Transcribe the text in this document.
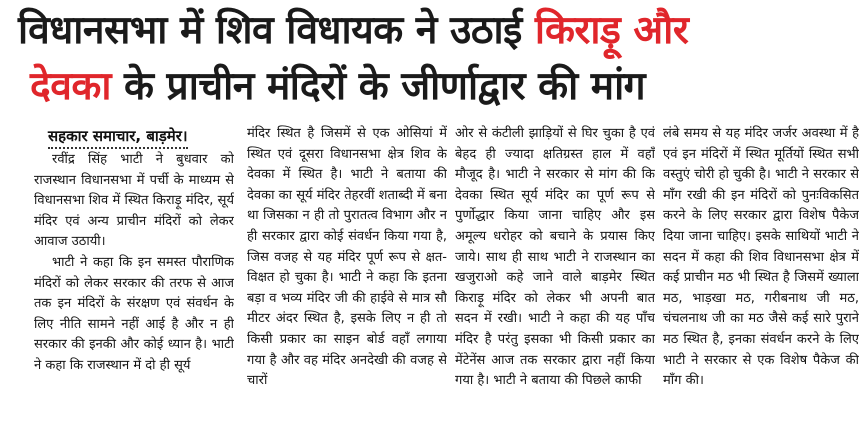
विधानसभा में शिव विधायक ने उठाई किराड़ू और
देवका के प्राचीन मंदिरों के जीर्णाद्वार की मांग
सहकार समाचार, बाड़मेर।

रवींद्र सिंह भाटी ने बुधवार को राजस्थान विधानसभा में पर्ची के माध्यम से विधानसभा शिव में स्थित किराड़ू मंदिर, सूर्य मंदिर एवं अन्य प्राचीन मंदिरों को लेकर आवाज उठायी।

भाटी ने कहा कि इन समस्त पौराणिक मंदिरों को लेकर सरकार की तरफ से आज तक इन मंदिरों के संरक्षण एवं संवर्धन के लिए नीति सामने नहीं आई है और न ही सरकार की इनकी और कोई ध्यान है। भाटी ने कहा कि राजस्थान में दो ही सूर्य

मंदिर स्थित है जिसमें से एक ओसियां में स्थित एवं दूसरा विधानसभा क्षेत्र शिव के देवका में स्थित है। भाटी ने बताया की देवका का सूर्य मंदिर तेहरवीं शताब्दी में बना था जिसका न ही तो पुरातत्व विभाग और न ही सरकार द्वारा कोई संवर्धन किया गया है, जिस वजह से यह मंदिर पूर्ण रूप से क्षत-विक्षत हो चुका है। भाटी ने कहा कि इतना बड़ा व भव्य मंदिर जी की हाईवे से मात्र सौ मीटर अंदर स्थित है, इसके लिए न ही तो किसी प्रकार का साइन बोर्ड वहाँ लगाया गया है और वह मंदिर अनदेखी की वजह से चारों

ओर से कंटीली झाड़ियों से घिर चुका है एवं बेहद ही ज्यादा क्षतिग्रस्त हाल में वहाँ मौजूद है। भाटी ने सरकार से मांग की कि देवका स्थित सूर्य मंदिर का पूर्ण रूप से पुर्णोद्धार किया जाना चाहिए और इस अमूल्य धरोहर को बचाने के प्रयास किए जाये। साथ ही साथ भाटी ने राजस्थान का खजुराओ कहे जाने वाले बाड़मेर स्थित किराड़ू मंदिर को लेकर भी अपनी बात सदन में रखी। भाटी ने कहा की यह पाँच मंदिर है परंतु इसका भी किसी प्रकार का मेंटेनेंस आज तक सरकार द्वारा नहीं किया गया है। भाटी ने बताया की पिछले काफी

लंबे समय से यह मंदिर जर्जर अवस्था में है एवं इन मंदिरों में स्थित मूर्तियों स्थित सभी वस्तुएं चोरी हो चुकी है। भाटी ने सरकार से माँग रखी की इन मंदिरों को पुनःविकसित करने के लिए सरकार द्वारा विशेष पैकेज दिया जाना चाहिए। इसके साथियों भाटी ने सदन में कहा की शिव विधानसभा क्षेत्र में कई प्राचीन मठ भी स्थित है जिसमें ख्याला मठ, भाड़खा मठ, गरीबनाथ जी मठ, चंचलनाथ जी का मठ जैसे कई सारे पुराने मठ स्थित है, इनका संवर्धन करने के लिए भाटी ने सरकार से एक विशेष पैकेज की माँग की।
